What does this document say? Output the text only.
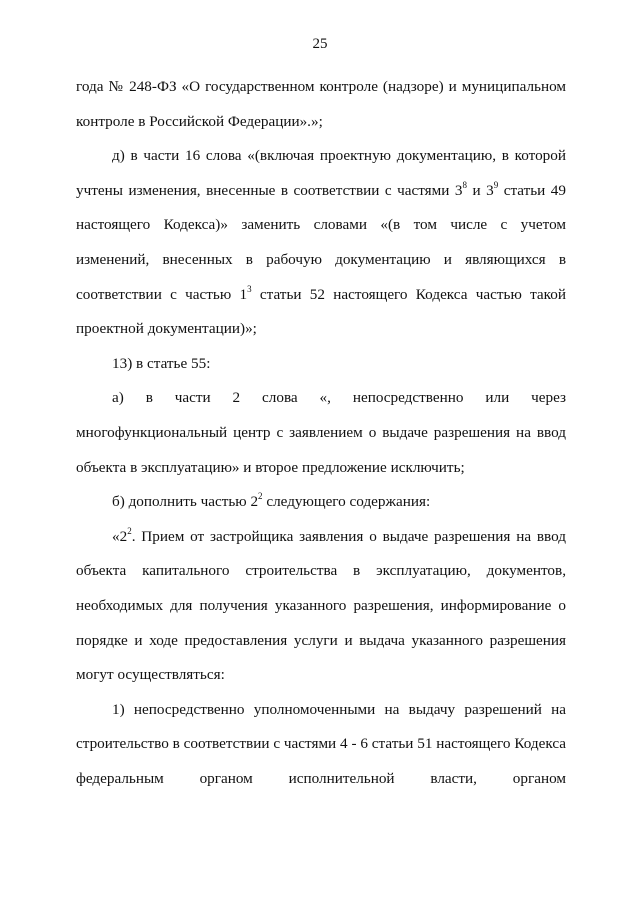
25

года № 248-ФЗ «О государственном контроле (надзоре) и муниципальном контроле в Российской Федерации».»;

д) в части 16 слова «(включая проектную документацию, в которой учтены изменения, внесенные в соответствии с частями $3^8$ и $3^9$ статьи 49 настоящего Кодекса)» заменить словами «(в том числе с учетом изменений, внесенных в рабочую документацию и являющихся в соответствии с частью $1^3$ статьи 52 настоящего Кодекса частью такой проектной документации)»;

13) в статье 55:

а) в части 2 слова «, непосредственно или через многофункциональный центр с заявлением о выдаче разрешения на ввод объекта в эксплуатацию» и второе предложение исключить;

б) дополнить частью $2^2$ следующего содержания:

«$2^2$. Прием от застройщика заявления о выдаче разрешения на ввод объекта капитального строительства в эксплуатацию, документов, необходимых для получения указанного разрешения, информирование о порядке и ходе предоставления услуги и выдача указанного разрешения могут осуществляться:

1) непосредственно уполномоченными на выдачу разрешений на строительство в соответствии с частями 4 - 6 статьи 51 настоящего Кодекса федеральным органом исполнительной власти, органом
